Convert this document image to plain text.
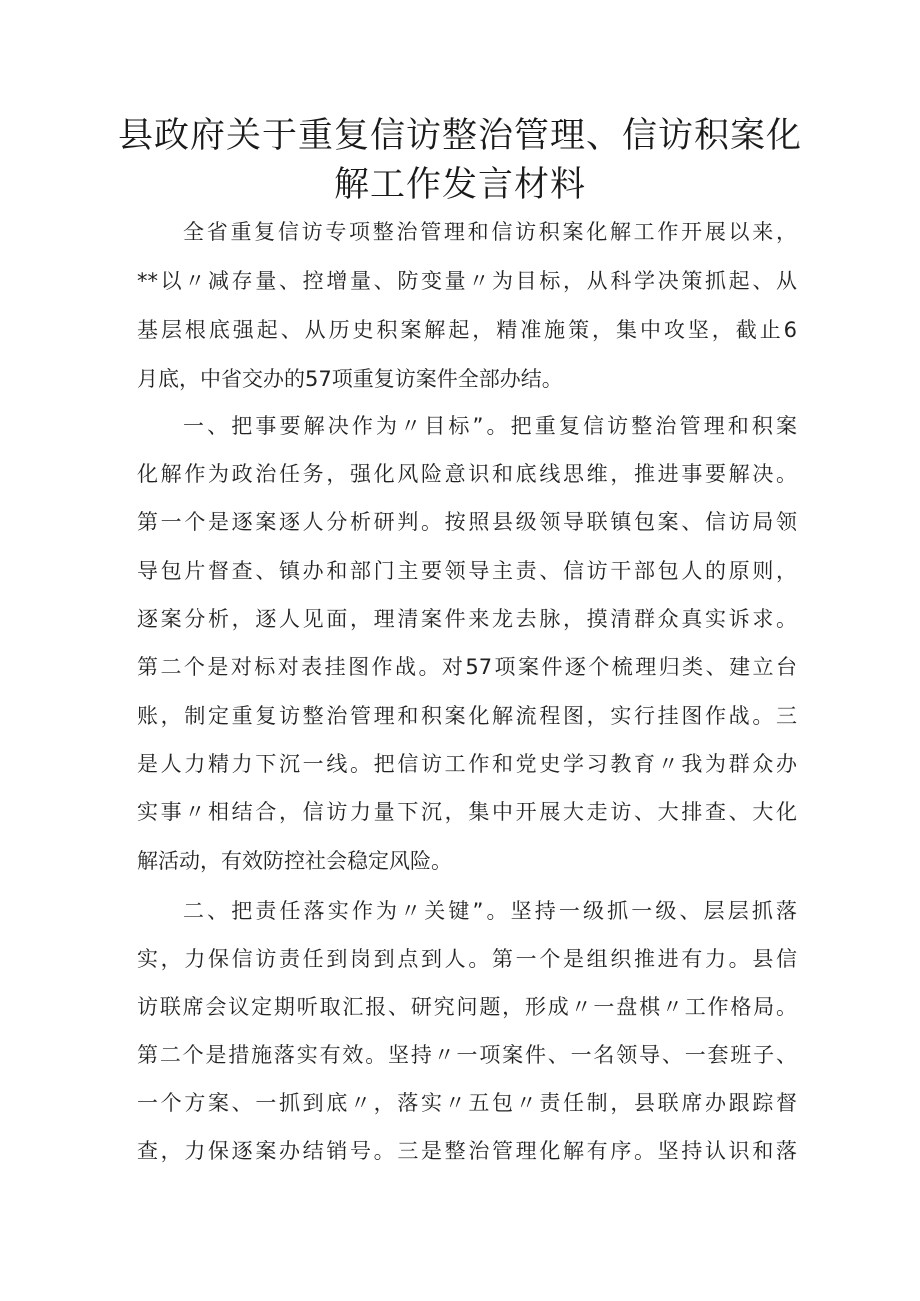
县政府关于重复信访整治管理、信访积案化
解工作发言材料
全省重复信访专项整治管理和信访积案化解工作开展以来，
**以〃减存量、控增量、防变量〃为目标，从科学决策抓起、从
基层根底强起、从历史积案解起，精准施策，集中攻坚，截止6
月底，中省交办的57项重复访案件全部办结。
一、把事要解决作为〃目标”。把重复信访整治管理和积案
化解作为政治任务，强化风险意识和底线思维，推进事要解决。
第一个是逐案逐人分析研判。按照县级领导联镇包案、信访局领
导包片督查、镇办和部门主要领导主责、信访干部包人的原则，
逐案分析，逐人见面，理清案件来龙去脉，摸清群众真实诉求。
第二个是对标对表挂图作战。对57项案件逐个梳理归类、建立台
账，制定重复访整治管理和积案化解流程图，实行挂图作战。三
是人力精力下沉一线。把信访工作和党史学习教育〃我为群众办
实事〃相结合，信访力量下沉，集中开展大走访、大排查、大化
解活动，有效防控社会稳定风险。
二、把责任落实作为〃关键”。坚持一级抓一级、层层抓落
实，力保信访责任到岗到点到人。第一个是组织推进有力。县信
访联席会议定期听取汇报、研究问题，形成〃一盘棋〃工作格局。
第二个是措施落实有效。坚持〃一项案件、一名领导、一套班子、
一个方案、一抓到底〃，落实〃五包〃责任制，县联席办跟踪督
查，力保逐案办结销号。三是整治管理化解有序。坚持认识和落
